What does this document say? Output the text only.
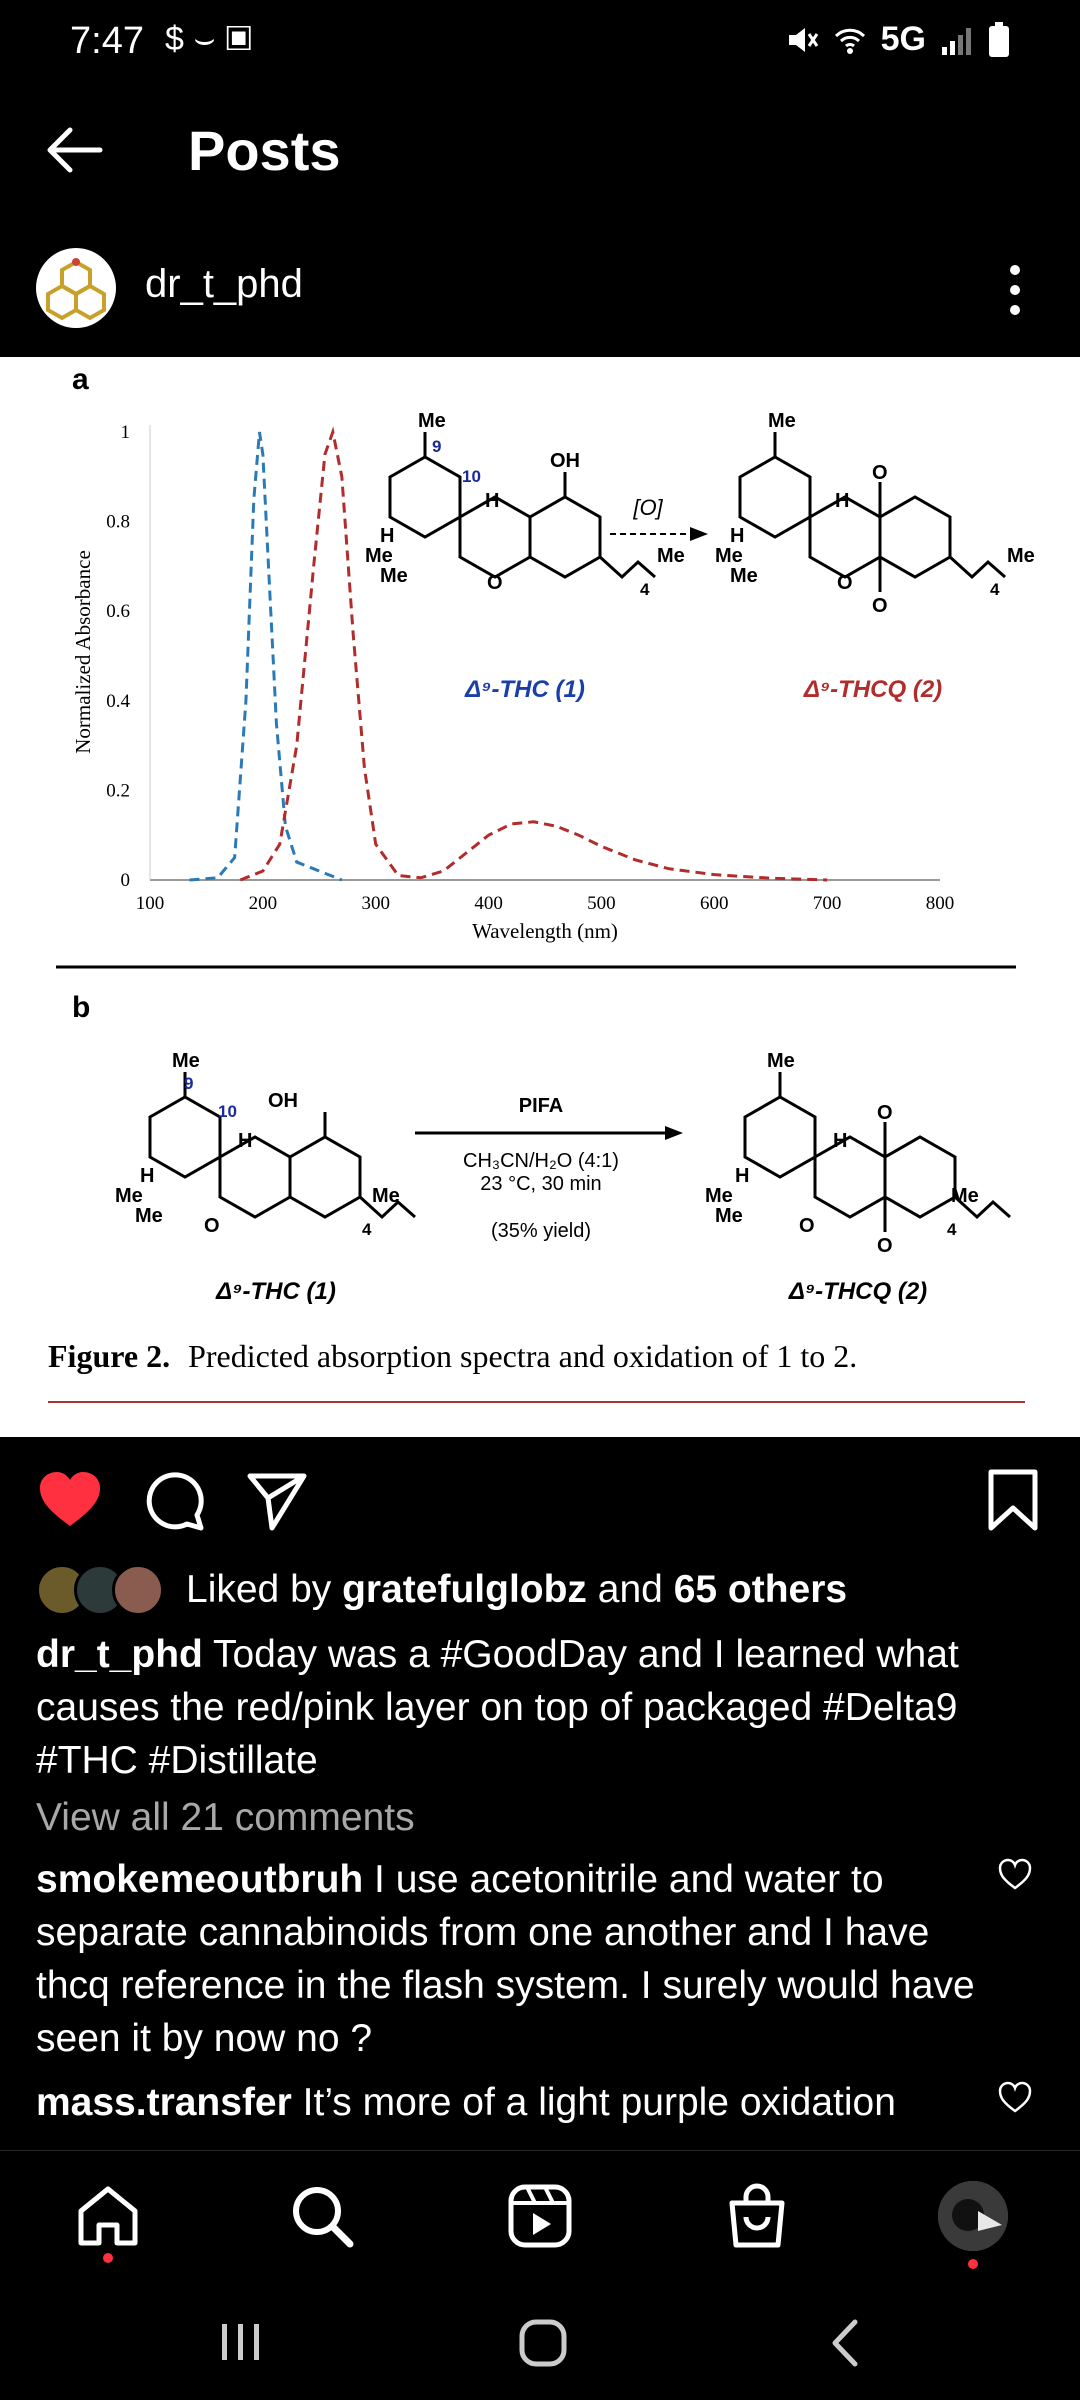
7:47 $ ⌣ ▣	5G
Posts
dr_t_phd
a
b
100	200	300	400	500	600	700	800
0
0.2
0.4
0.6
0.8
1
Wavelength (nm)
Normalized Absorbance
Me
9
10
H
OH
O
H
Me
Me
Me
4
[O]
Δ⁹-THC (1)
Me
H
O
O
O
H
Me
Me
Me
4
Δ⁹-THCQ (2)
Me
9
10
H
OH
O
H
Me
Me
Me
4
Δ⁹-THC (1)
PIFA
CH₃CN/H₂O (4:1)
23 °C, 30 min
(35% yield)
Me
H
O
O
O
H
Me
Me
Me
4
Δ⁹-THCQ (2)
Figure 2. Predicted absorption spectra and oxidation of 1 to 2.
Liked by gratefulglobz and 65 others
dr_t_phd Today was a #GoodDay and I learned what causes the red/pink layer on top of packaged #Delta9 #THC #Distillate
View all 21 comments
smokemeoutbruh I use acetonitrile and water to separate cannabinoids from one another and I have thcq reference in the flash system. I surely would have seen it by now no ?
mass.transfer It’s more of a light purple oxidation
